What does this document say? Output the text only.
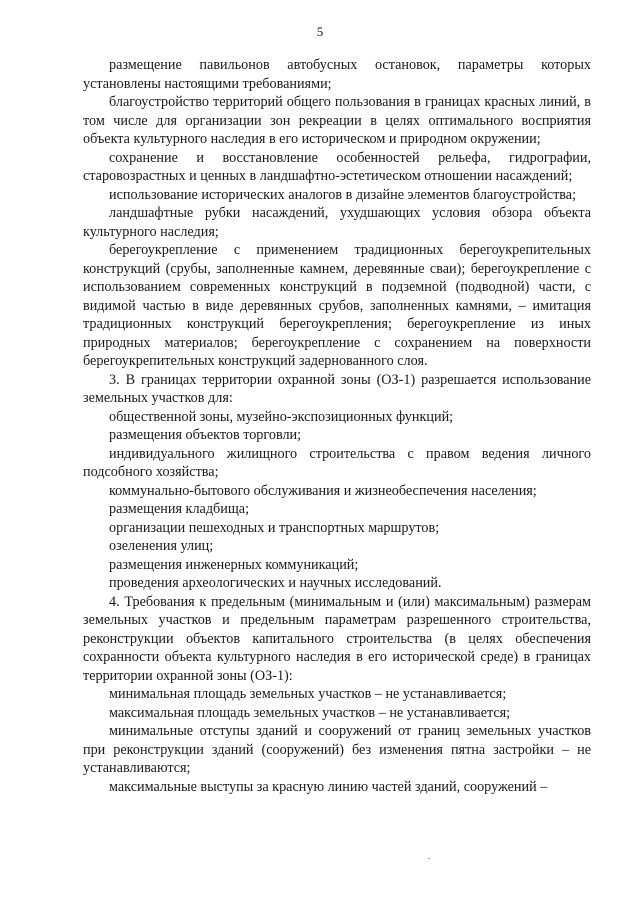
5

размещение павильонов автобусных остановок, параметры которых установлены настоящими требованиями;

благоустройство территорий общего пользования в границах красных линий, в том числе для организации зон рекреации в целях оптимального восприятия объекта культурного наследия в его историческом и природном окружении;

сохранение и восстановление особенностей рельефа, гидрографии, старовозрастных и ценных в ландшафтно-эстетическом отношении насаждений;

использование исторических аналогов в дизайне элементов благоустройства;

ландшафтные рубки насаждений, ухудшающих условия обзора объекта культурного наследия;

берегоукрепление с применением традиционных берегоукрепительных конструкций (срубы, заполненные камнем, деревянные сваи); берегоукрепление с использованием современных конструкций в подземной (подводной) части, с видимой частью в виде деревянных срубов, заполненных камнями, – имитация традиционных конструкций берегоукрепления; берегоукрепление из иных природных материалов; берегоукрепление с сохранением на поверхности берегоукрепительных конструкций задернованного слоя.

3. В границах территории охранной зоны (ОЗ-1) разрешается использование земельных участков для:

общественной зоны, музейно-экспозиционных функций;

размещения объектов торговли;

индивидуального жилищного строительства с правом ведения личного подсобного хозяйства;

коммунально-бытового обслуживания и жизнеобеспечения населения;

размещения кладбища;

организации пешеходных и транспортных маршрутов;

озеленения улиц;

размещения инженерных коммуникаций;

проведения археологических и научных исследований.

4. Требования к предельным (минимальным и (или) максимальным) размерам земельных участков и предельным параметрам разрешенного строительства, реконструкции объектов капитального строительства (в целях обеспечения сохранности объекта культурного наследия в его исторической среде) в границах территории охранной зоны (ОЗ-1):

минимальная площадь земельных участков – не устанавливается;

максимальная площадь земельных участков – не устанавливается;

минимальные отступы зданий и сооружений от границ земельных участков при реконструкции зданий (сооружений) без изменения пятна застройки – не устанавливаются;

максимальные выступы за красную линию частей зданий, сооружений –
